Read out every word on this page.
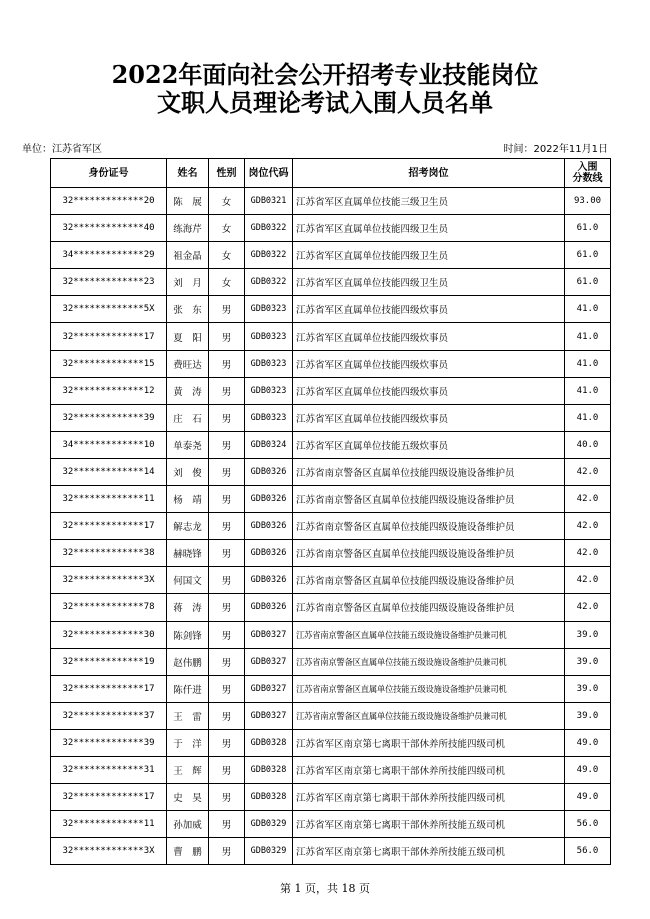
2022年面向社会公开招考专业技能岗位
文职人员理论考试入围人员名单
单位：江苏省军区	时间：2022年11月1日
身份证号	姓名	性别	岗位代码	招考岗位	入围
分数线
32*************20	陈　展	女	GDB0321	江苏省军区直属单位技能三级卫生员	93.00
32*************40	练海芹	女	GDB0322	江苏省军区直属单位技能四级卫生员	61.0
34*************29	祖金晶	女	GDB0322	江苏省军区直属单位技能四级卫生员	61.0
32*************23	刘　月	女	GDB0322	江苏省军区直属单位技能四级卫生员	61.0
32*************5X	张　东	男	GDB0323	江苏省军区直属单位技能四级炊事员	41.0
32*************17	夏　阳	男	GDB0323	江苏省军区直属单位技能四级炊事员	41.0
32*************15	费旺达	男	GDB0323	江苏省军区直属单位技能四级炊事员	41.0
32*************12	黄　涛	男	GDB0323	江苏省军区直属单位技能四级炊事员	41.0
32*************39	庄　石	男	GDB0323	江苏省军区直属单位技能四级炊事员	41.0
34*************10	单泰尧	男	GDB0324	江苏省军区直属单位技能五级炊事员	40.0
32*************14	刘　俊	男	GDB0326	江苏省南京警备区直属单位技能四级设施设备维护员	42.0
32*************11	杨　靖	男	GDB0326	江苏省南京警备区直属单位技能四级设施设备维护员	42.0
32*************17	解志龙	男	GDB0326	江苏省南京警备区直属单位技能四级设施设备维护员	42.0
32*************38	赫晓锋	男	GDB0326	江苏省南京警备区直属单位技能四级设施设备维护员	42.0
32*************3X	何国文	男	GDB0326	江苏省南京警备区直属单位技能四级设施设备维护员	42.0
32*************78	蒋　涛	男	GDB0326	江苏省南京警备区直属单位技能四级设施设备维护员	42.0
32*************30	陈剑锋	男	GDB0327	江苏省南京警备区直属单位技能五级设施设备维护员兼司机	39.0
32*************19	赵伟鹏	男	GDB0327	江苏省南京警备区直属单位技能五级设施设备维护员兼司机	39.0
32*************17	陈仟进	男	GDB0327	江苏省南京警备区直属单位技能五级设施设备维护员兼司机	39.0
32*************37	王　雷	男	GDB0327	江苏省南京警备区直属单位技能五级设施设备维护员兼司机	39.0
32*************39	于　洋	男	GDB0328	江苏省军区南京第七离职干部休养所技能四级司机	49.0
32*************31	王　辉	男	GDB0328	江苏省军区南京第七离职干部休养所技能四级司机	49.0
32*************17	史　昊	男	GDB0328	江苏省军区南京第七离职干部休养所技能四级司机	49.0
32*************11	孙加威	男	GDB0329	江苏省军区南京第七离职干部休养所技能五级司机	56.0
32*************3X	曹　鹏	男	GDB0329	江苏省军区南京第七离职干部休养所技能五级司机	56.0
第 1 页，共 18 页
